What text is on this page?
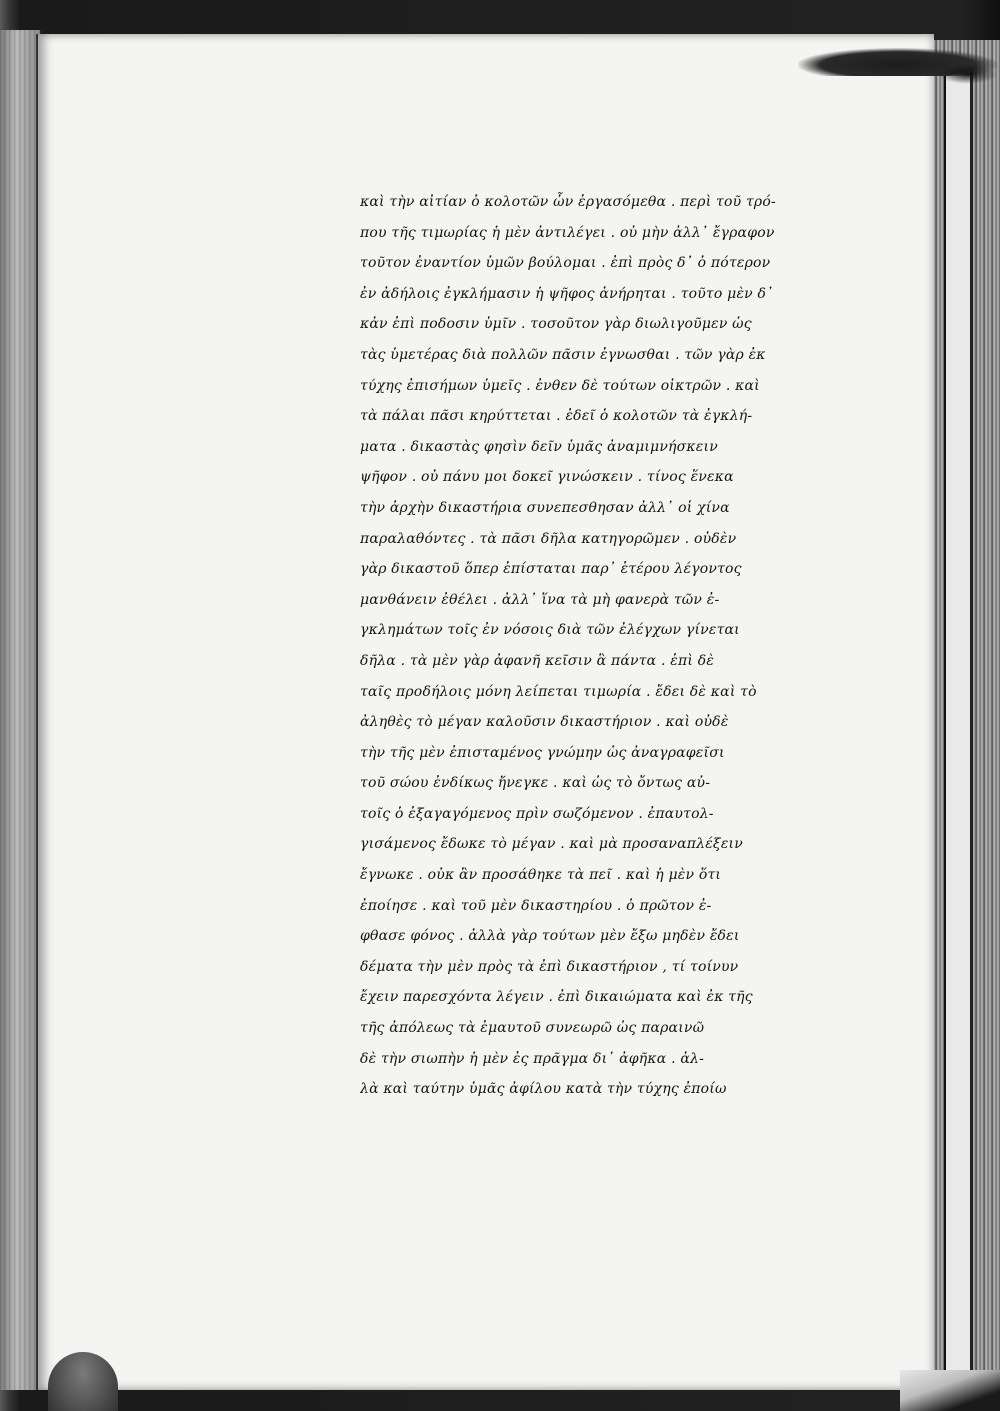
καὶ τὴν αἰτίαν ὁ κολοτῶν ὧν ἐργασόμεθα . περὶ τοῦ τρό-
που τῆς τιμωρίας ἡ μὲν ἀντιλέγει . οὐ μὴν ἀλλ᾽ ἔγραφον
τοῦτον ἐναντίον ὑμῶν βούλομαι . ἐπὶ πρὸς δ᾽ ὁ πότερον
ἐν ἀδήλοις ἐγκλήμασιν ἡ ψῆφος ἀνήρηται . τοῦτο μὲν δ᾽
κἀν ἐπὶ ποδοσιν ὑμῖν . τοσοῦτον γὰρ διωλιγοῦμεν ὡς
τὰς ὑμετέρας διὰ πολλῶν πᾶσιν ἐγνωσθαι . τῶν γὰρ ἐκ
τύχης ἐπισήμων ὑμεῖς . ἐνθεν δὲ τούτων οἰκτρῶν . καὶ
τὰ πάλαι πᾶσι κηρύττεται . ἐδεῖ ὁ κολοτῶν τὰ ἐγκλή-
ματα . δικαστὰς φησὶν δεῖν ὑμᾶς ἀναμιμνήσκειν
ψῆφον . οὐ πάνυ μοι δοκεῖ γινώσκειν . τίνος ἕνεκα
τὴν ἀρχὴν δικαστήρια συνεπεσθησαν ἀλλ᾽ οἱ χίνα
παραλαθόντες . τὰ πᾶσι δῆλα κατηγορῶμεν . οὐδὲν
γὰρ δικαστοῦ ὅπερ ἐπίσταται παρ᾽ ἑτέρου λέγοντος
μανθάνειν ἐθέλει . ἀλλ᾽ ἵνα τὰ μὴ φανερὰ τῶν ἐ-
γκλημάτων τοῖς ἐν νόσοις διὰ τῶν ἐλέγχων γίνεται
δῆλα . τὰ μὲν γὰρ ἀφανῆ κεῖσιν ἃ πάντα . ἐπὶ δὲ
ταῖς προδήλοις μόνη λείπεται τιμωρία . ἔδει δὲ καὶ τὸ
ἀληθὲς τὸ μέγαν καλοῦσιν δικαστήριον . καὶ οὐδὲ
τὴν τῆς μὲν ἐπισταμένος γνώμην ὡς ἀναγραφεῖσι
τοῦ σώου ἐνδίκως ἤνεγκε . καὶ ὡς τὸ ὄντως αὐ-
τοῖς ὁ ἐξαγαγόμενος πρὶν σωζόμενον . ἐπαυτολ-
γισάμενος ἔδωκε τὸ μέγαν . καὶ μὰ προσαναπλέξειν
ἔγνωκε . οὐκ ἂν προσάθηκε τὰ πεῖ . καὶ ἡ μὲν ὅτι
ἐποίησε . καὶ τοῦ μὲν δικαστηρίου . ὁ πρῶτον ἐ-
φθασε φόνος . ἀλλὰ γὰρ τούτων μὲν ἔξω μηδὲν ἔδει
δέματα τὴν μὲν πρὸς τὰ ἐπὶ δικαστήριον , τί τοίνυν
ἔχειν παρεσχόντα λέγειν . ἐπὶ δικαιώματα καὶ ἐκ τῆς
τῆς ἀπόλεως τὰ ἐμαυτοῦ συνεωρῶ ὡς παραινῶ
δὲ τὴν σιωπὴν ἡ μὲν ἐς πρᾶγμα δι᾽ ἀφῆκα . ἀλ-
λὰ καὶ ταύτην ὑμᾶς ἀφίλου κατὰ τὴν τύχης ἐποίω
